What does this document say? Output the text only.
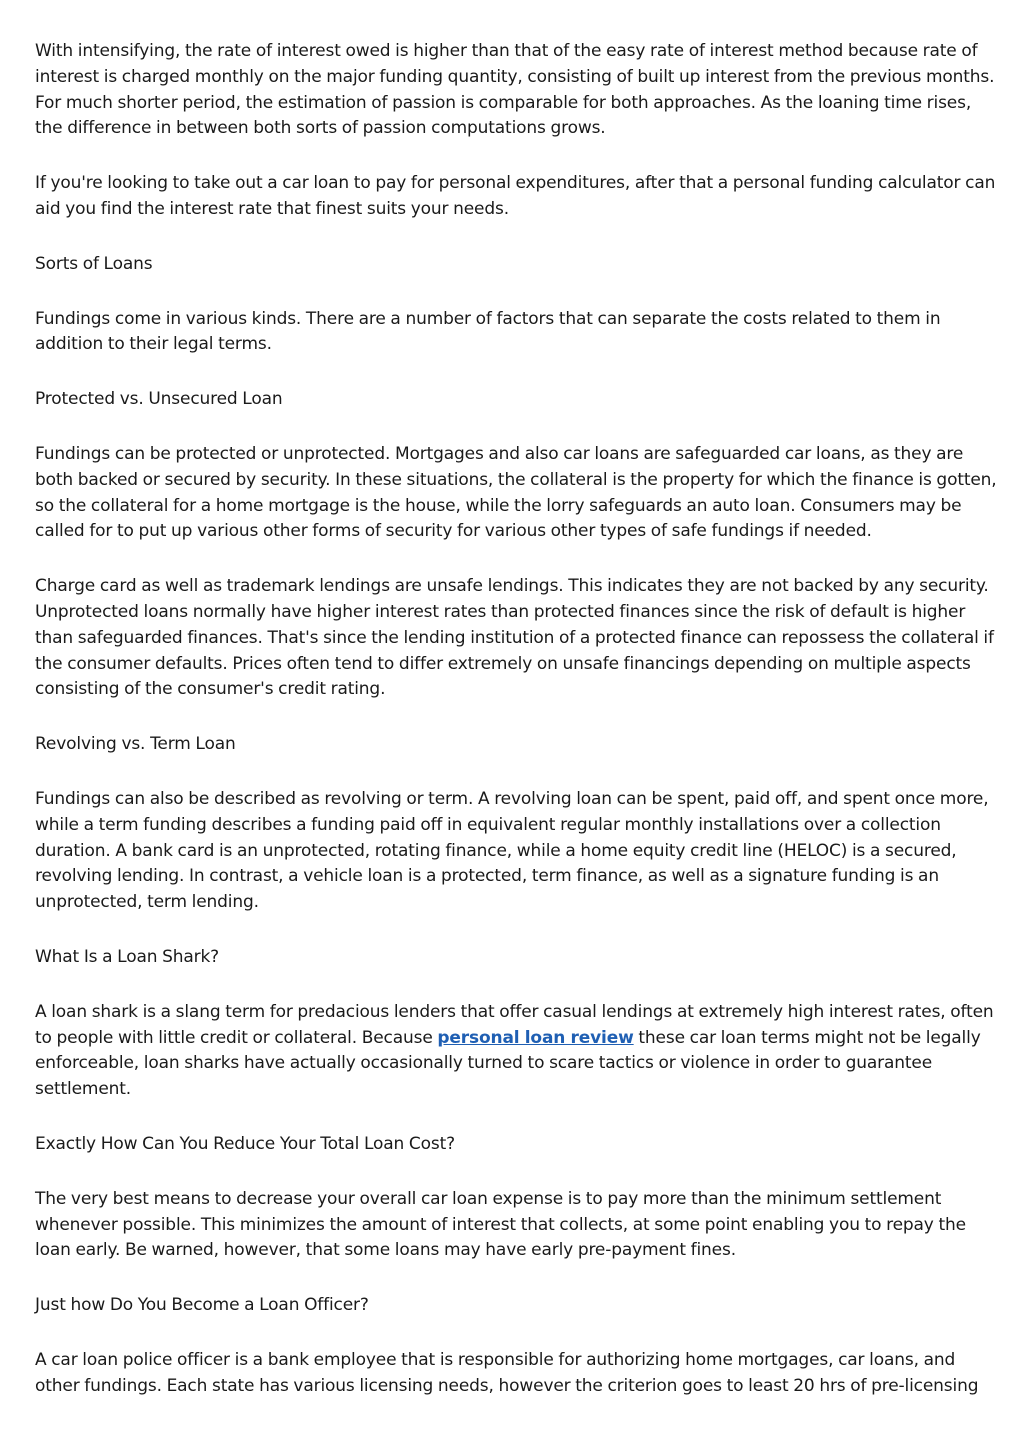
With intensifying, the rate of interest owed is higher than that of the easy rate of interest method because rate of interest is charged monthly on the major funding quantity, consisting of built up interest from the previous months. For much shorter period, the estimation of passion is comparable for both approaches. As the loaning time rises, the difference in between both sorts of passion computations grows.

If you're looking to take out a car loan to pay for personal expenditures, after that a personal funding calculator can aid you find the interest rate that finest suits your needs.

Sorts of Loans

Fundings come in various kinds. There are a number of factors that can separate the costs related to them in addition to their legal terms.

Protected vs. Unsecured Loan

Fundings can be protected or unprotected. Mortgages and also car loans are safeguarded car loans, as they are both backed or secured by security. In these situations, the collateral is the property for which the finance is gotten, so the collateral for a home mortgage is the house, while the lorry safeguards an auto loan. Consumers may be called for to put up various other forms of security for various other types of safe fundings if needed.

Charge card as well as trademark lendings are unsafe lendings. This indicates they are not backed by any security. Unprotected loans normally have higher interest rates than protected finances since the risk of default is higher than safeguarded finances. That's since the lending institution of a protected finance can repossess the collateral if the consumer defaults. Prices often tend to differ extremely on unsafe financings depending on multiple aspects consisting of the consumer's credit rating.

Revolving vs. Term Loan

Fundings can also be described as revolving or term. A revolving loan can be spent, paid off, and spent once more, while a term funding describes a funding paid off in equivalent regular monthly installations over a collection duration. A bank card is an unprotected, rotating finance, while a home equity credit line (HELOC) is a secured, revolving lending. In contrast, a vehicle loan is a protected, term finance, as well as a signature funding is an unprotected, term lending.

What Is a Loan Shark?

A loan shark is a slang term for predacious lenders that offer casual lendings at extremely high interest rates, often to people with little credit or collateral. Because personal loan review these car loan terms might not be legally enforceable, loan sharks have actually occasionally turned to scare tactics or violence in order to guarantee settlement.

Exactly How Can You Reduce Your Total Loan Cost?

The very best means to decrease your overall car loan expense is to pay more than the minimum settlement whenever possible. This minimizes the amount of interest that collects, at some point enabling you to repay the loan early. Be warned, however, that some loans may have early pre-payment fines.

Just how Do You Become a Loan Officer?

A car loan police officer is a bank employee that is responsible for authorizing home mortgages, car loans, and other fundings. Each state has various licensing needs, however the criterion goes to least 20 hrs of pre-licensing
